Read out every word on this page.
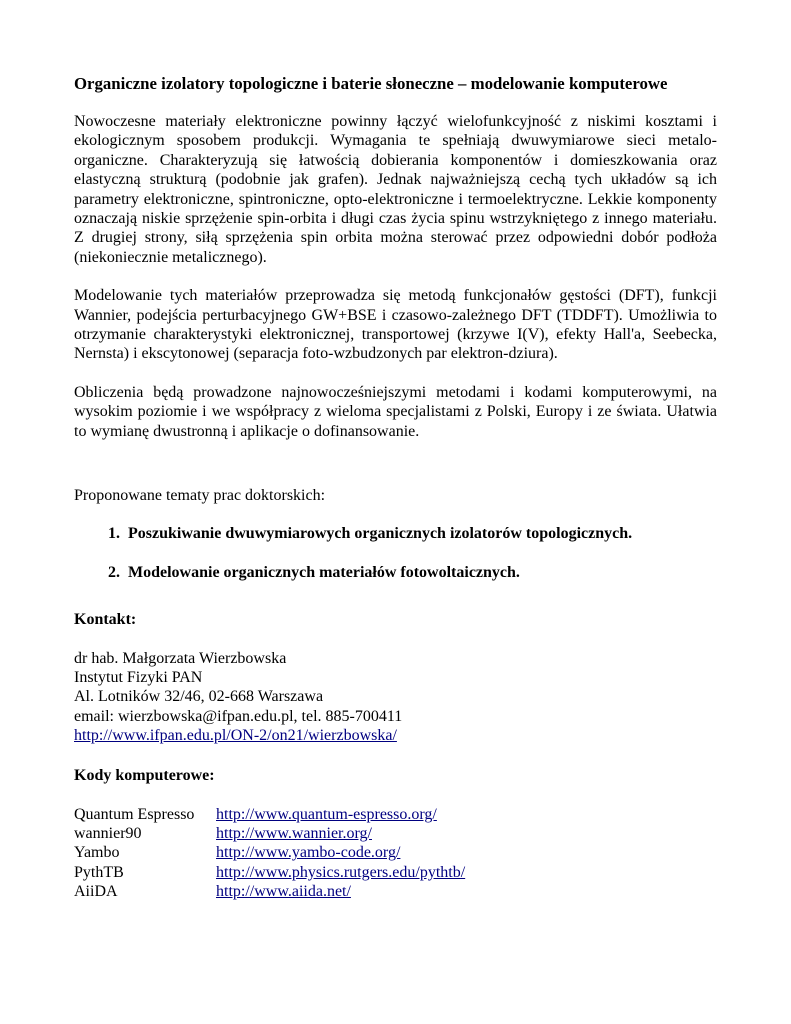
Organiczne izolatory topologiczne i baterie słoneczne – modelowanie komputerowe

Nowoczesne materiały elektroniczne powinny łączyć wielofunkcyjność z niskimi kosztami i ekologicznym sposobem produkcji. Wymagania te spełniają dwuwymiarowe sieci metalo-organiczne. Charakteryzują się łatwością dobierania komponentów i domieszkowania oraz elastyczną strukturą (podobnie jak grafen). Jednak najważniejszą cechą tych układów są ich parametry elektroniczne, spintroniczne, opto-elektroniczne i termoelektryczne. Lekkie komponenty oznaczają niskie sprzężenie spin-orbita i długi czas życia spinu wstrzykniętego z innego materiału. Z drugiej strony, siłą sprzężenia spin orbita można sterować przez odpowiedni dobór podłoża (niekoniecznie metalicznego).

Modelowanie tych materiałów przeprowadza się metodą funkcjonałów gęstości (DFT), funkcji Wannier, podejścia perturbacyjnego GW+BSE i czasowo-zależnego DFT (TDDFT). Umożliwia to otrzymanie charakterystyki elektronicznej, transportowej (krzywe I(V), efekty Hall'a, Seebecka, Nernsta) i ekscytonowej (separacja foto-wzbudzonych par elektron-dziura).

Obliczenia będą prowadzone najnowocześniejszymi metodami i kodami komputerowymi, na wysokim poziomie i we współpracy z wieloma specjalistami z Polski, Europy i ze świata. Ułatwia to wymianę dwustronną i aplikacje o dofinansowanie.

Proponowane tematy prac doktorskich:

1. Poszukiwanie dwuwymiarowych organicznych izolatorów topologicznych.
2. Modelowanie organicznych materiałów fotowoltaicznych.
Kontakt:
dr hab. Małgorzata Wierzbowska
Instytut Fizyki PAN
Al. Lotników 32/46, 02-668 Warszawa
email: wierzbowska@ifpan.edu.pl, tel. 885-700411
http://www.ifpan.edu.pl/ON-2/on21/wierzbowska/
Kody komputerowe:
Quantum Espresso	http://www.quantum-espresso.org/
wannier90	http://www.wannier.org/
Yambo	http://www.yambo-code.org/
PythTB	http://www.physics.rutgers.edu/pythtb/
AiiDA	http://www.aiida.net/
